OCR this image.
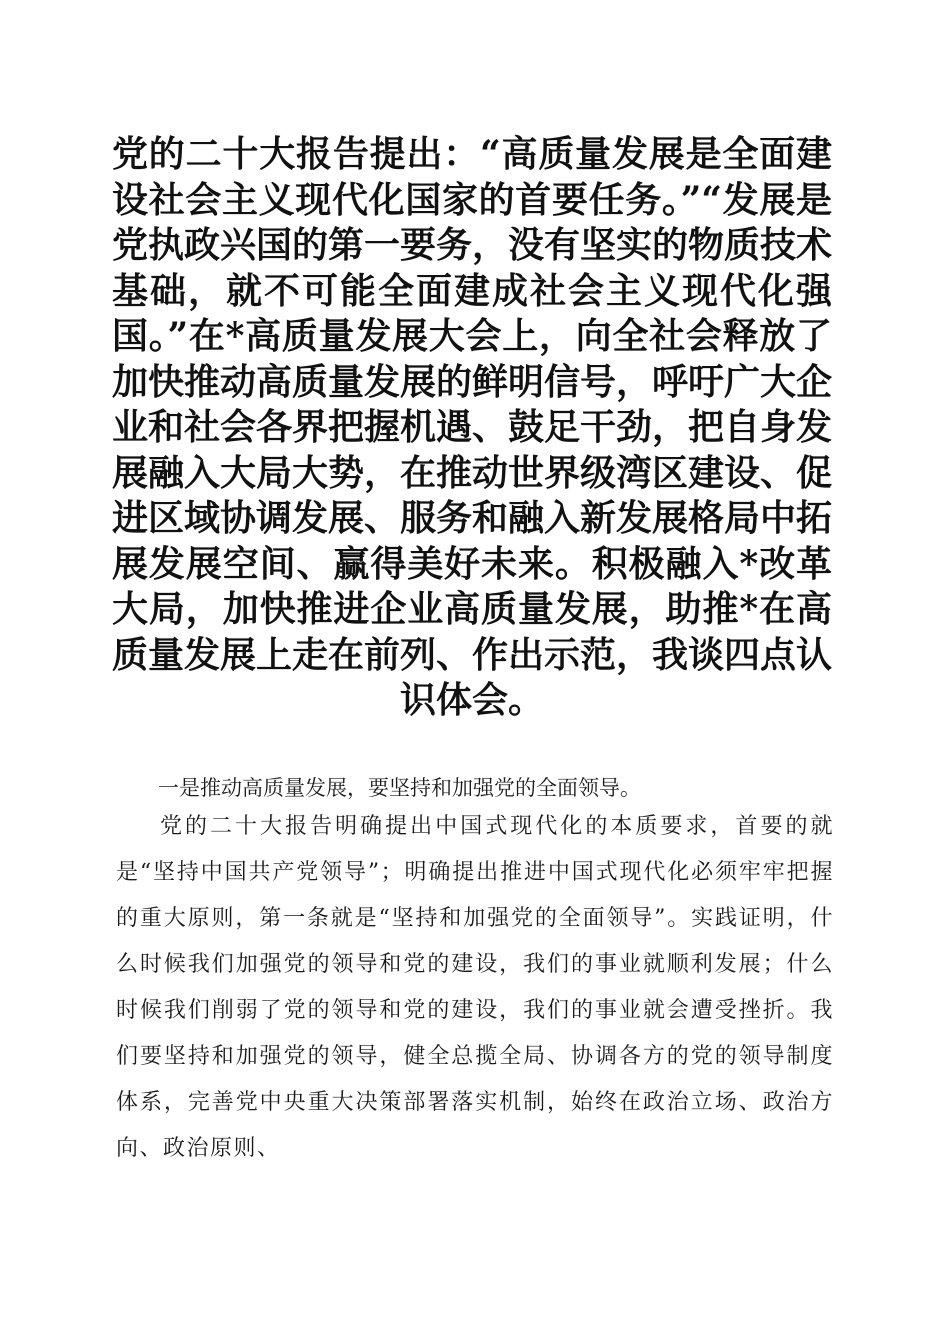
党的二十大报告提出：“高质量发展是全面建设社会主义现代化国家的首要任务。”“发展是党执政兴国的第一要务，没有坚实的物质技术基础，就不可能全面建成社会主义现代化强国。”在*高质量发展大会上，向全社会释放了加快推动高质量发展的鲜明信号，呼吁广大企业和社会各界把握机遇、鼓足干劲，把自身发展融入大局大势，在推动世界级湾区建设、促进区域协调发展、服务和融入新发展格局中拓展发展空间、赢得美好未来。积极融入*改革大局，加快推进企业高质量发展，助推*在高质量发展上走在前列、作出示范，我谈四点认识体会。

一是推动高质量发展，要坚持和加强党的全面领导。

党的二十大报告明确提出中国式现代化的本质要求，首要的就是“坚持中国共产党领导”；明确提出推进中国式现代化必须牢牢把握的重大原则，第一条就是“坚持和加强党的全面领导”。实践证明，什么时候我们加强党的领导和党的建设，我们的事业就顺利发展；什么时候我们削弱了党的领导和党的建设，我们的事业就会遭受挫折。我们要坚持和加强党的领导，健全总揽全局、协调各方的党的领导制度体系，完善党中央重大决策部署落实机制，始终在政治立场、政治方向、政治原则、
